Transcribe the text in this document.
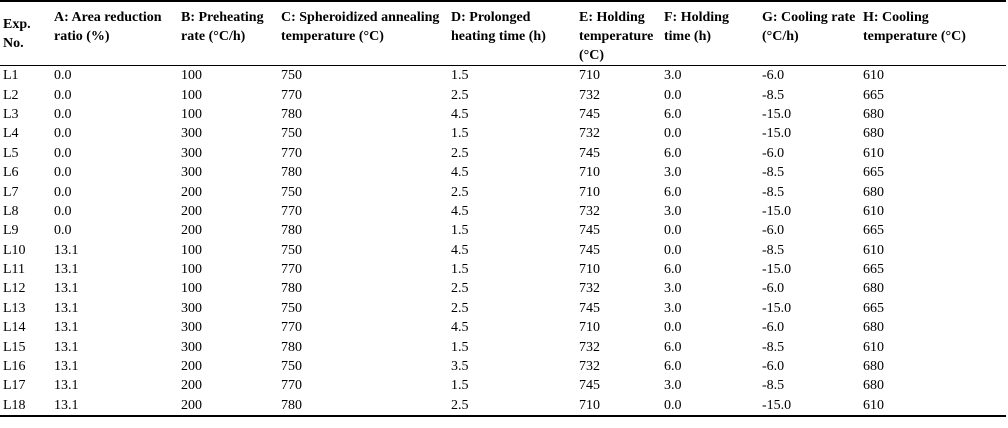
Exp. No.	A: Area reduction ratio (%)	B: Preheating rate (°C/h)	C: Spheroidized annealing temperature (°C)	D: Prolonged heating time (h)	E: Holding temperature (°C)	F: Holding time (h)	G: Cooling rate (°C/h)	H: Cooling temperature (°C)
L1	0.0	100	750	1.5	710	3.0	-6.0	610
L2	0.0	100	770	2.5	732	0.0	-8.5	665
L3	0.0	100	780	4.5	745	6.0	-15.0	680
L4	0.0	300	750	1.5	732	0.0	-15.0	680
L5	0.0	300	770	2.5	745	6.0	-6.0	610
L6	0.0	300	780	4.5	710	3.0	-8.5	665
L7	0.0	200	750	2.5	710	6.0	-8.5	680
L8	0.0	200	770	4.5	732	3.0	-15.0	610
L9	0.0	200	780	1.5	745	0.0	-6.0	665
L10	13.1	100	750	4.5	745	0.0	-8.5	610
L11	13.1	100	770	1.5	710	6.0	-15.0	665
L12	13.1	100	780	2.5	732	3.0	-6.0	680
L13	13.1	300	750	2.5	745	3.0	-15.0	665
L14	13.1	300	770	4.5	710	0.0	-6.0	680
L15	13.1	300	780	1.5	732	6.0	-8.5	610
L16	13.1	200	750	3.5	732	6.0	-6.0	680
L17	13.1	200	770	1.5	745	3.0	-8.5	680
L18	13.1	200	780	2.5	710	0.0	-15.0	610
